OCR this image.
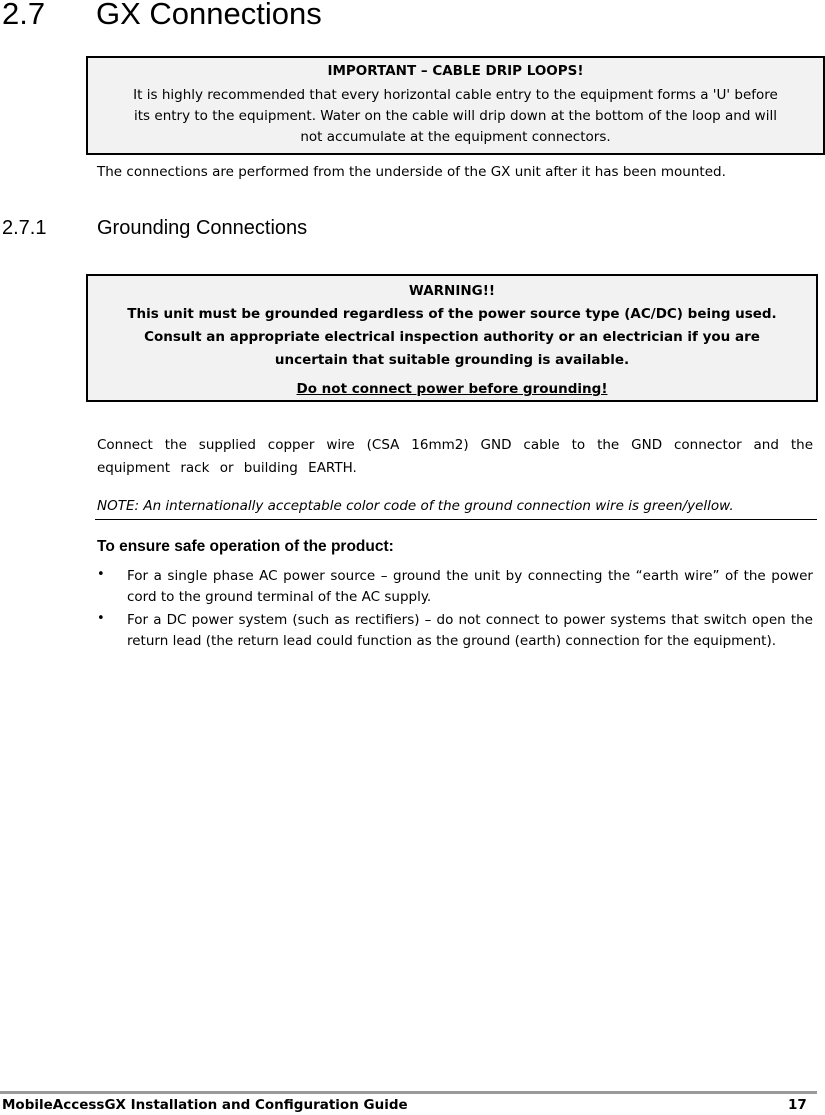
2.7 GX Connections
IMPORTANT – CABLE DRIP LOOPS!
It is highly recommended that every horizontal cable entry to the equipment forms a 'U' before
its entry to the equipment. Water on the cable will drip down at the bottom of the loop and will
not accumulate at the equipment connectors.
The connections are performed from the underside of the GX unit after it has been mounted.
2.7.1	Grounding Connections
WARNING!!
This unit must be grounded regardless of the power source type (AC/DC) being used.
Consult an appropriate electrical inspection authority or an electrician if you are
uncertain that suitable grounding is available.
Do not connect power before grounding!
Connect the supplied copper wire (CSA 16mm2) GND cable to the GND connector and the equipment rack or building EARTH.
NOTE: An internationally acceptable color code of the ground connection wire is green/yellow.
To ensure safe operation of the product:
• For a single phase AC power source – ground the unit by connecting the “earth wire” of the power cord to the ground terminal of the AC supply.
• For a DC power system (such as rectifiers) – do not connect to power systems that switch open the return lead (the return lead could function as the ground (earth) connection for the equipment).
MobileAccessGX Installation and Configuration Guide	17
